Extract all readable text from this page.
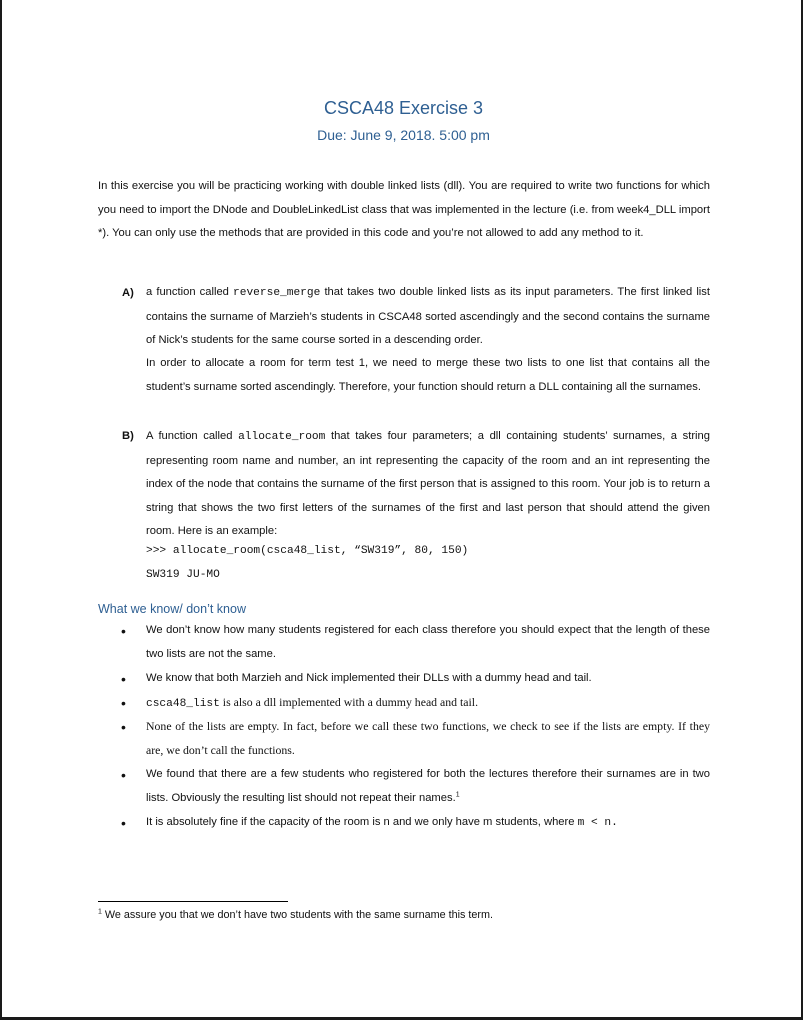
CSCA48 Exercise 3
Due: June 9, 2018. 5:00 pm
In this exercise you will be practicing working with double linked lists (dll). You are required to write two functions for which you need to import the DNode and DoubleLinkedList class that was implemented in the lecture (i.e. from week4_DLL import *). You can only use the methods that are provided in this code and you’re not allowed to add any method to it.
A) a function called reverse_merge that takes two double linked lists as its input parameters. The first linked list contains the surname of Marzieh’s students in CSCA48 sorted ascendingly and the second contains the surname of Nick’s students for the same course sorted in a descending order.
In order to allocate a room for term test 1, we need to merge these two lists to one list that contains all the student’s surname sorted ascendingly. Therefore, your function should return a DLL containing all the surnames.
B) A function called allocate_room that takes four parameters; a dll containing students’ surnames, a string representing room name and number, an int representing the capacity of the room and an int representing the index of the node that contains the surname of the first person that is assigned to this room. Your job is to return a string that shows the two first letters of the surnames of the first and last person that should attend the given room. Here is an example:
>>> allocate_room(csca48_list, “SW319”, 80, 150)
SW319 JU-MO
What we know/ don’t know
• We don’t know how many students registered for each class therefore you should expect that the length of these two lists are not the same.
• We know that both Marzieh and Nick implemented their DLLs with a dummy head and tail.
• csca48_list is also a dll implemented with a dummy head and tail.
• None of the lists are empty. In fact, before we call these two functions, we check to see if the lists are empty. If they are, we don’t call the functions.
• We found that there are a few students who registered for both the lectures therefore their surnames are in two lists. Obviously the resulting list should not repeat their names.$^1$
• It is absolutely fine if the capacity of the room is n and we only have m students, where m < n.
$^1$ We assure you that we don’t have two students with the same surname this term.
